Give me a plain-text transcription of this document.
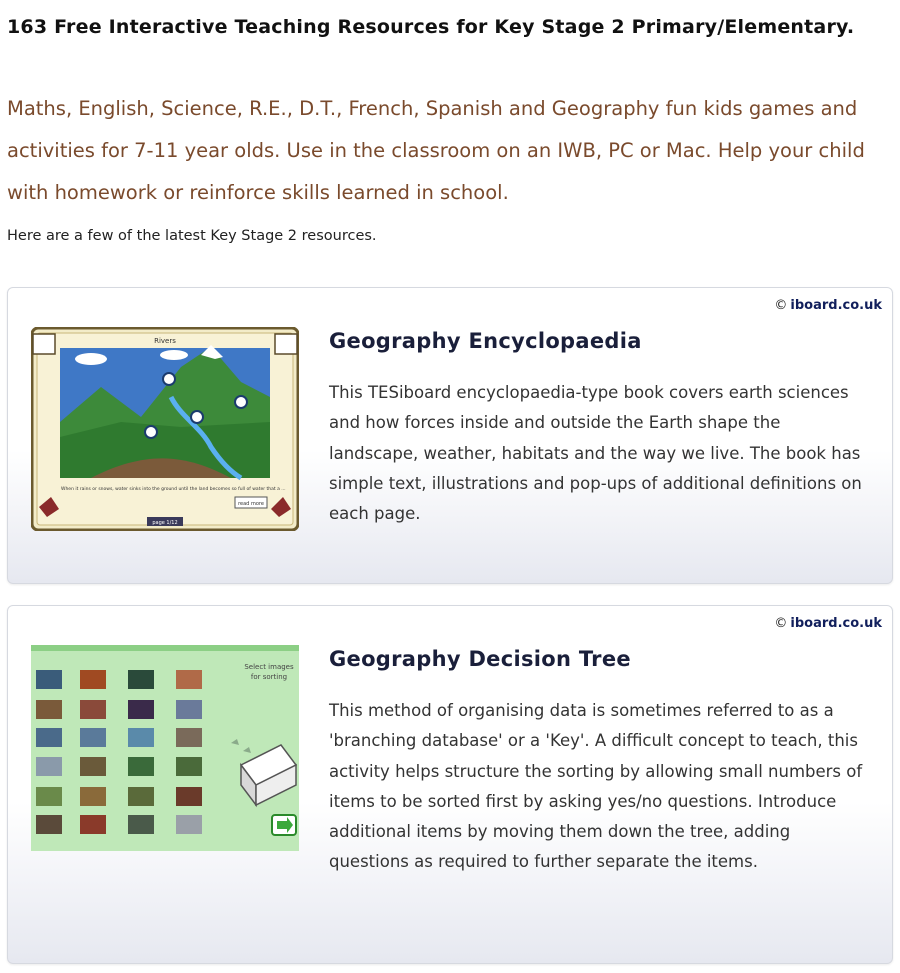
163 Free Interactive Teaching Resources for Key Stage 2 Primary/Elementary.
Maths, English, Science, R.E., D.T., French, Spanish and Geography fun kids games and activities for 7-11 year olds. Use in the classroom on an IWB, PC or Mac. Help your child with homework or reinforce skills learned in school.
Here are a few of the latest Key Stage 2 resources.
© iboard.co.uk
Rivers
When it rains or snows, water sinks into the ground until the land becomes so full of water that a ...
read more
page 1/12
Geography Encyclopaedia
This TESiboard encyclopaedia-type book covers earth sciences and how forces inside and outside the Earth shape the landscape, weather, habitats and the way we live. The book has simple text, illustrations and pop-ups of additional definitions on each page.
© iboard.co.uk
Select images
for sorting
Geography Decision Tree
This method of organising data is sometimes referred to as a 'branching database' or a 'Key'. A difficult concept to teach, this activity helps structure the sorting by allowing small numbers of items to be sorted first by asking yes/no questions. Introduce additional items by moving them down the tree, adding questions as required to further separate the items.
